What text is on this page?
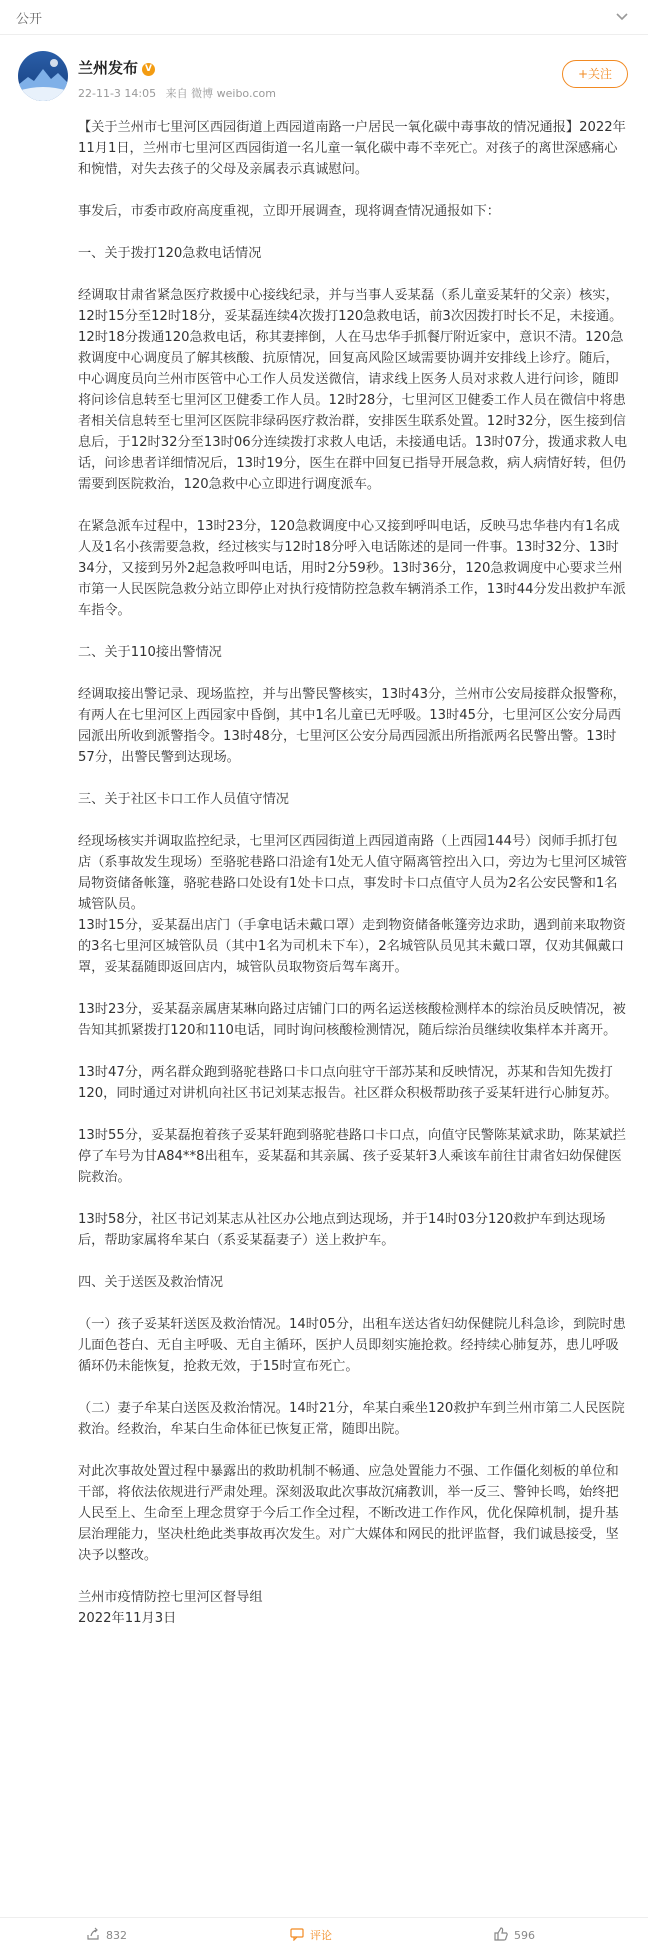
公开
兰州发布 V
22-11-3 14:05 来自 微博 weibo.com
+关注

【关于兰州市七里河区西园街道上西园道南路一户居民一氧化碳中毒事故的情况通报】2022年11月1日，兰州市七里河区西园街道一名儿童一氧化碳中毒不幸死亡。对孩子的离世深感痛心和惋惜，对失去孩子的父母及亲属表示真诚慰问。

事发后，市委市政府高度重视，立即开展调查，现将调查情况通报如下：

一、关于拨打120急救电话情况

经调取甘肃省紧急医疗救援中心接线纪录，并与当事人妥某磊（系儿童妥某轩的父亲）核实，12时15分至12时18分，妥某磊连续4次拨打120急救电话，前3次因拨打时长不足，未接通。12时18分拨通120急救电话，称其妻摔倒，人在马忠华手抓餐厅附近家中，意识不清。120急救调度中心调度员了解其核酸、抗原情况，回复高风险区域需要协调并安排线上诊疗。随后，中心调度员向兰州市医管中心工作人员发送微信，请求线上医务人员对求救人进行问诊，随即将问诊信息转至七里河区卫健委工作人员。12时28分，七里河区卫健委工作人员在微信中将患者相关信息转至七里河区医院非绿码医疗救治群，安排医生联系处置。12时32分，医生接到信息后，于12时32分至13时06分连续拨打求救人电话，未接通电话。13时07分，拨通求救人电话，问诊患者详细情况后，13时19分，医生在群中回复已指导开展急救，病人病情好转，但仍需要到医院救治，120急救中心立即进行调度派车。

在紧急派车过程中，13时23分，120急救调度中心又接到呼叫电话，反映马忠华巷内有1名成人及1名小孩需要急救，经过核实与12时18分呼入电话陈述的是同一件事。13时32分、13时34分，又接到另外2起急救呼叫电话，用时2分59秒。13时36分，120急救调度中心要求兰州市第一人民医院急救分站立即停止对执行疫情防控急救车辆消杀工作，13时44分发出救护车派车指令。

二、关于110接出警情况

经调取接出警记录、现场监控，并与出警民警核实，13时43分，兰州市公安局接群众报警称，有两人在七里河区上西园家中昏倒，其中1名儿童已无呼吸。13时45分，七里河区公安分局西园派出所收到派警指令。13时48分，七里河区公安分局西园派出所指派两名民警出警。13时57分，出警民警到达现场。

三、关于社区卡口工作人员值守情况

经现场核实并调取监控纪录，七里河区西园街道上西园道南路（上西园144号）闵师手抓打包店（系事故发生现场）至骆驼巷路口沿途有1处无人值守隔离管控出入口，旁边为七里河区城管局物资储备帐篷，骆驼巷路口处设有1处卡口点，事发时卡口点值守人员为2名公安民警和1名城管队员。

13时15分，妥某磊出店门（手拿电话未戴口罩）走到物资储备帐篷旁边求助，遇到前来取物资的3名七里河区城管队员（其中1名为司机未下车），2名城管队员见其未戴口罩，仅劝其佩戴口罩，妥某磊随即返回店内，城管队员取物资后驾车离开。

13时23分，妥某磊亲属唐某琳向路过店铺门口的两名运送核酸检测样本的综治员反映情况，被告知其抓紧拨打120和110电话，同时询问核酸检测情况，随后综治员继续收集样本并离开。

13时47分，两名群众跑到骆驼巷路口卡口点向驻守干部苏某和反映情况，苏某和告知先拨打120，同时通过对讲机向社区书记刘某志报告。社区群众积极帮助孩子妥某轩进行心肺复苏。

13时55分，妥某磊抱着孩子妥某轩跑到骆驼巷路口卡口点，向值守民警陈某斌求助，陈某斌拦停了车号为甘A84**8出租车，妥某磊和其亲属、孩子妥某轩3人乘该车前往甘肃省妇幼保健医院救治。

13时58分，社区书记刘某志从社区办公地点到达现场，并于14时03分120救护车到达现场后，帮助家属将牟某白（系妥某磊妻子）送上救护车。

四、关于送医及救治情况

（一）孩子妥某轩送医及救治情况。14时05分，出租车送达省妇幼保健院儿科急诊，到院时患儿面色苍白、无自主呼吸、无自主循环，医护人员即刻实施抢救。经持续心肺复苏，患儿呼吸循环仍未能恢复，抢救无效，于15时宣布死亡。

（二）妻子牟某白送医及救治情况。14时21分，牟某白乘坐120救护车到兰州市第二人民医院救治。经救治，牟某白生命体征已恢复正常，随即出院。

对此次事故处置过程中暴露出的救助机制不畅通、应急处置能力不强、工作僵化刻板的单位和干部，将依法依规进行严肃处理。深刻汲取此次事故沉痛教训，举一反三、警钟长鸣，始终把人民至上、生命至上理念贯穿于今后工作全过程，不断改进工作作风，优化保障机制，提升基层治理能力，坚决杜绝此类事故再次发生。对广大媒体和网民的批评监督，我们诚恳接受，坚决予以整改。

兰州市疫情防控七里河区督导组

2022年11月3日

832	评论	596
